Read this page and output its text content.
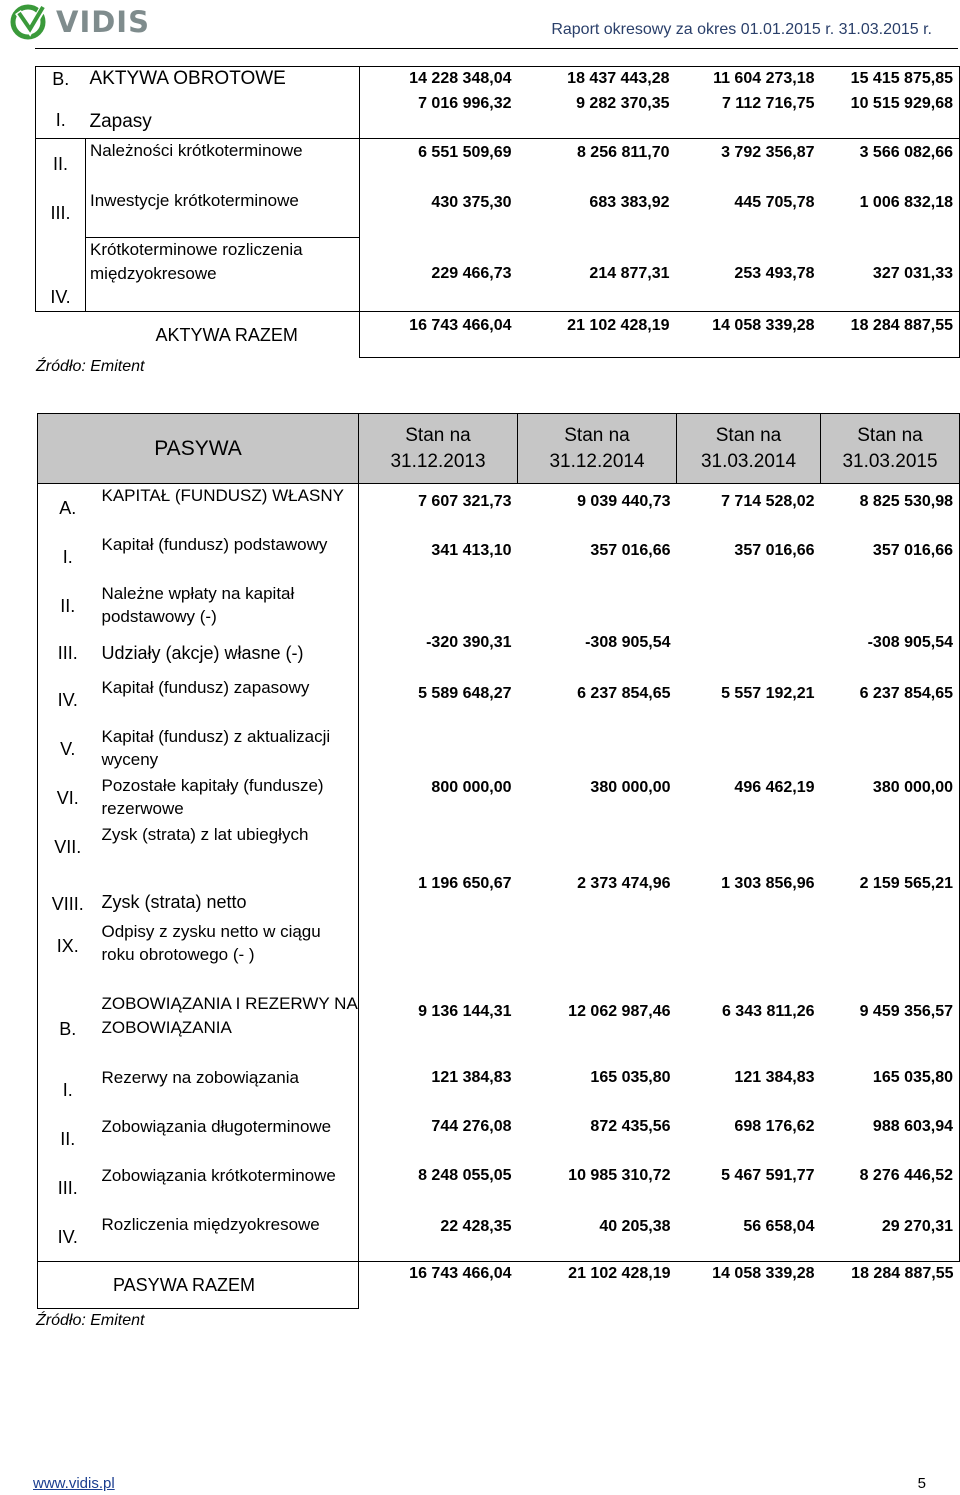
VIDIS	Raport okresowy za okres 01.01.2015 r. 31.03.2015 r.
B.	AKTYWA OBROTOWE	14 228 348,04	18 437 443,28	11 604 273,18	15 415 875,85
I.	Zapasy	7 016 996,32	9 282 370,35	7 112 716,75	10 515 929,68
II.	Należności krótkoterminowe	6 551 509,69	8 256 811,70	3 792 356,87	3 566 082,66
III.	Inwestycje krótkoterminowe	430 375,30	683 383,92	445 705,78	1 006 832,18
IV.	Krótkoterminowe rozliczenia międzyokresowe	229 466,73	214 877,31	253 493,78	327 031,33
AKTYWA RAZEM		16 743 466,04	21 102 428,19	14 058 339,28	18 284 887,55
Źródło: Emitent
PASYWA		Stan na 31.12.2013	Stan na 31.12.2014	Stan na 31.03.2014	Stan na 31.03.2015
A.	KAPITAŁ (FUNDUSZ) WŁASNY	7 607 321,73	9 039 440,73	7 714 528,02	8 825 530,98
I.	Kapitał (fundusz) podstawowy	341 413,10	357 016,66	357 016,66	357 016,66
II.	Należne wpłaty na kapitał podstawowy (-)				
III.	Udziały (akcje) własne (-)	-320 390,31	-308 905,54		-308 905,54
IV.	Kapitał (fundusz) zapasowy	5 589 648,27	6 237 854,65	5 557 192,21	6 237 854,65
V.	Kapitał (fundusz) z aktualizacji wyceny				
VI.	Pozostałe kapitały (fundusze) rezerwowe	800 000,00	380 000,00	496 462,19	380 000,00
VII.	Zysk (strata) z lat ubiegłych				
VIII.	Zysk (strata) netto	1 196 650,67	2 373 474,96	1 303 856,96	2 159 565,21
IX.	Odpisy z zysku netto w ciągu roku obrotowego (- )				
B.	ZOBOWIĄZANIA I REZERWY NA ZOBOWIĄZANIA	9 136 144,31	12 062 987,46	6 343 811,26	9 459 356,57
I.	Rezerwy na zobowiązania	121 384,83	165 035,80	121 384,83	165 035,80
II.	Zobowiązania długoterminowe	744 276,08	872 435,56	698 176,62	988 603,94
III.	Zobowiązania krótkoterminowe	8 248 055,05	10 985 310,72	5 467 591,77	8 276 446,52
IV.	Rozliczenia międzyokresowe	22 428,35	40 205,38	56 658,04	29 270,31
PASYWA RAZEM		16 743 466,04	21 102 428,19	14 058 339,28	18 284 887,55
Źródło: Emitent
www.vidis.pl	5
